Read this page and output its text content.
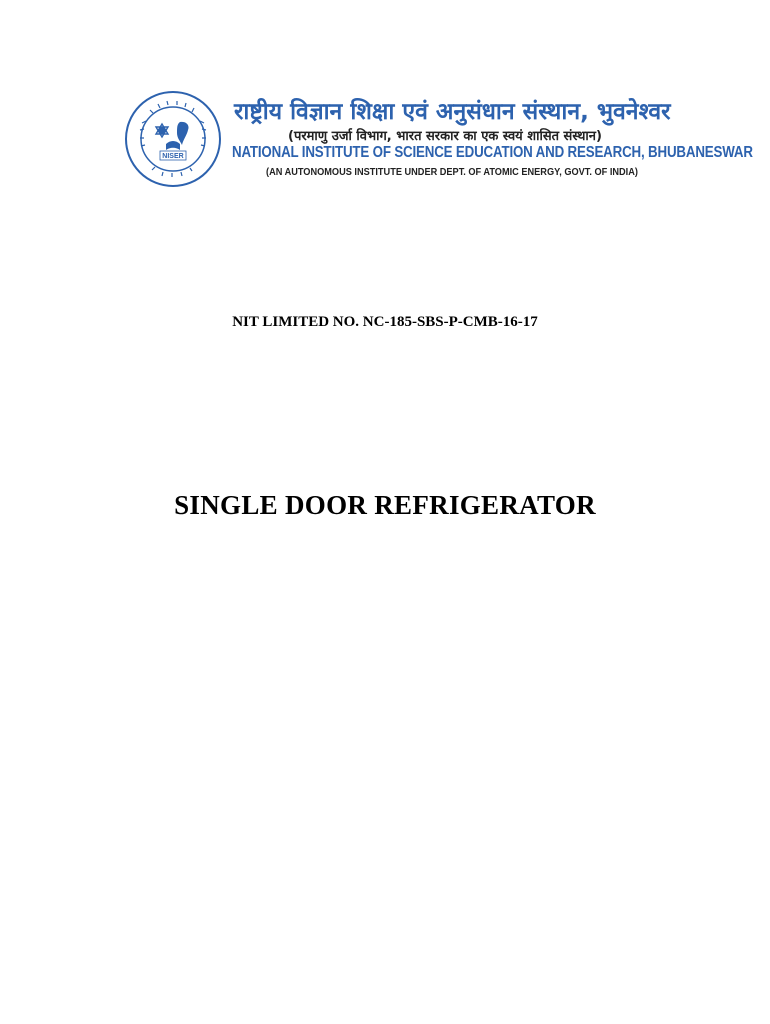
NISER
राष्ट्रीय विज्ञान शिक्षा एवं अनुसंधान संस्थान, भुवनेश्वर
(परमाणु उर्जा विभाग, भारत सरकार का एक स्वयं शासित संस्थान)
NATIONAL INSTITUTE OF SCIENCE EDUCATION AND RESEARCH, BHUBANESWAR
(AN AUTONOMOUS INSTITUTE UNDER DEPT. OF ATOMIC ENERGY, GOVT. OF INDIA)
NIT LIMITED NO. NC-185-SBS-P-CMB-16-17
SINGLE DOOR REFRIGERATOR
